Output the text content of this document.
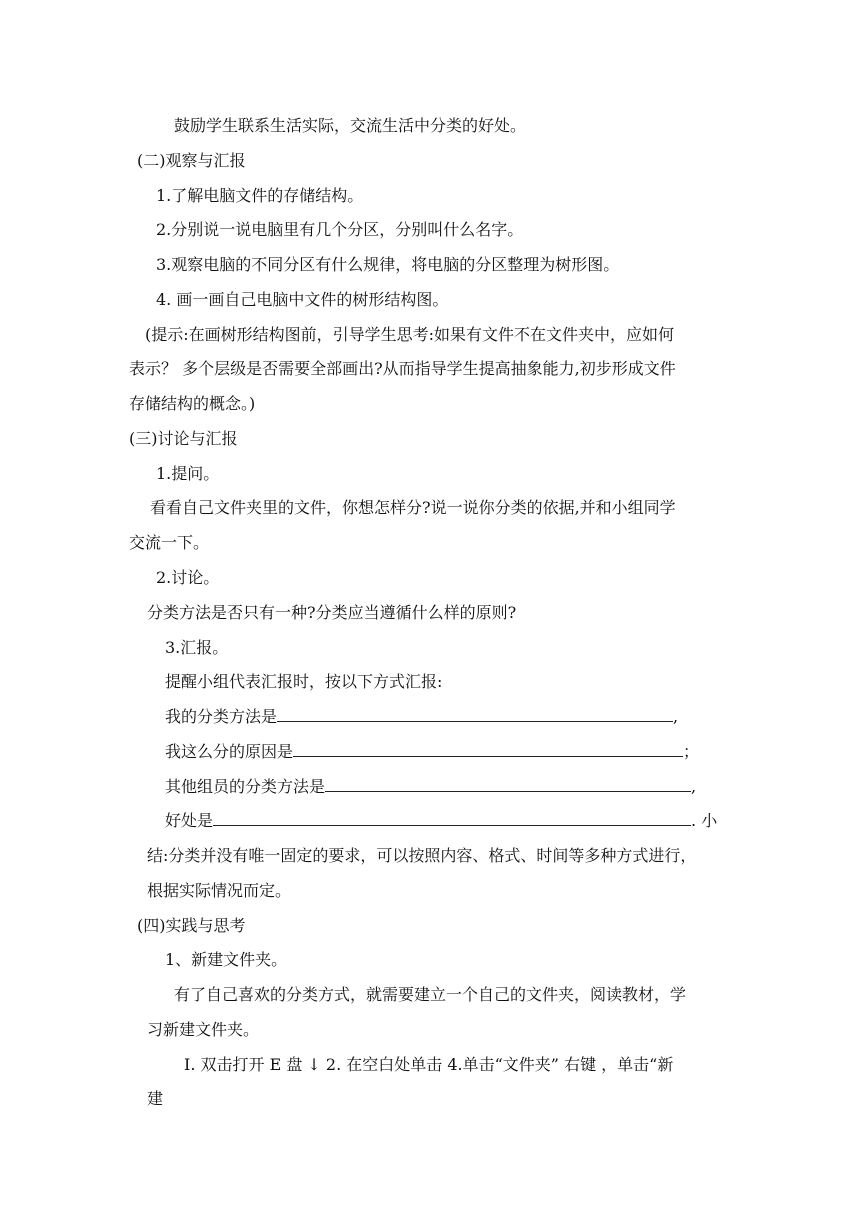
鼓励学生联系生活实际，交流生活中分类的好处。
(二)观察与汇报
1.了解电脑文件的存储结构。
2.分别说一说电脑里有几个分区，分别叫什么名字。
3.观察电脑的不同分区有什么规律，将电脑的分区整理为树形图。
4. 画一画自己电脑中文件的树形结构图。
(提示:在画树形结构图前，引导学生思考:如果有文件不在文件夹中，应如何
表示？ 多个层级是否需要全部画出?从而指导学生提高抽象能力,初步形成文件
存储结构的概念。)
(三)讨论与汇报
1.提问。
看看自己文件夹里的文件，你想怎样分?说一说你分类的依据,并和小组同学
交流一下。
2.讨论。
分类方法是否只有一种?分类应当遵循什么样的原则?
3.汇报。
提醒小组代表汇报时，按以下方式汇报:
我的分类方法是	,
我这么分的原因是	；
其他组员的分类方法是	,
好处是	. 小
结:分类并没有唯一固定的要求，可以按照内容、格式、时间等多种方式进行，
根据实际情况而定。
(四)实践与思考
1、新建文件夹。
有了自己喜欢的分类方式，就需要建立一个自己的文件夹，阅读教材，学
习新建文件夹。
I. 双击打开 E 盘 ↓ 2. 在空白处单击 4.单击“文件夹” 右键 ，单击“新
建
